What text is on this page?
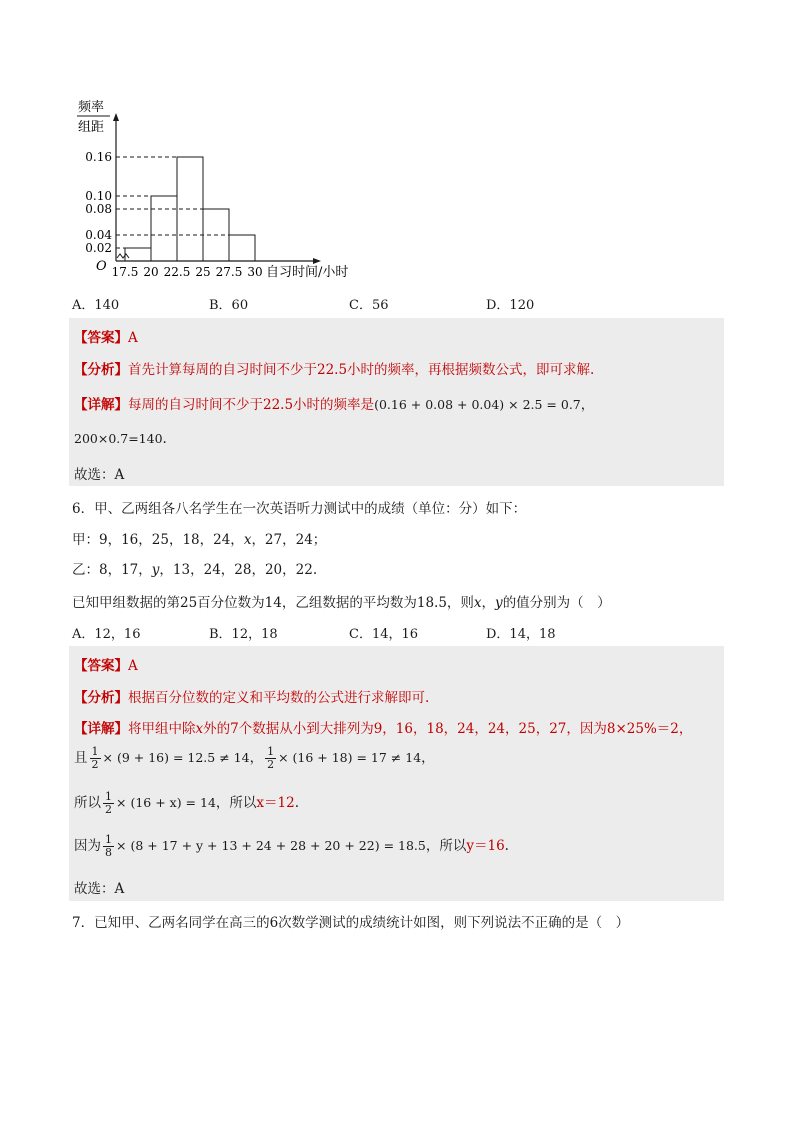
频率
组距
O
0.16
0.10
0.08
0.04
0.02
17.5 20 22.5 25 27.5 30 自习时间/小时
A．140	B．60	C．56	D．120
【答案】A
【分析】首先计算每周的自习时间不少于22.5小时的频率，再根据频数公式，即可求解.
【详解】每周的自习时间不少于22.5小时的频率是(0.16 + 0.08 + 0.04) × 2.5 = 0.7，
200×0.7=140.
故选：A
6．甲、乙两组各八名学生在一次英语听力测试中的成绩（单位：分）如下：
甲：9，16，25，18，24，x，27，24；
乙：8，17，y，13，24，28，20，22.
已知甲组数据的第25百分位数为14，乙组数据的平均数为18.5，则x，y的值分别为（　）
A．12，16	B．12，18	C．14，16	D．14，18
【答案】A
【分析】根据百分位数的定义和平均数的公式进行求解即可.
【详解】将甲组中除x外的7个数据从小到大排列为9，16，18，24，24，25，27，因为8×25%＝2，
且 $\frac{1}{2} \times (9 + 16) = 12.5 \ne 14$， $\frac{1}{2} \times (16 + 18) = 17 \ne 14$，
所以 $\frac{1}{2} \times (16 + x) = 14$，所以x＝12.
因为 $\frac{1}{8} \times (8 + 17 + y + 13 + 24 + 28 + 20 + 22) = 18.5$，所以y＝16.
故选：A
7．已知甲、乙两名同学在高三的6次数学测试的成绩统计如图，则下列说法不正确的是（　）
